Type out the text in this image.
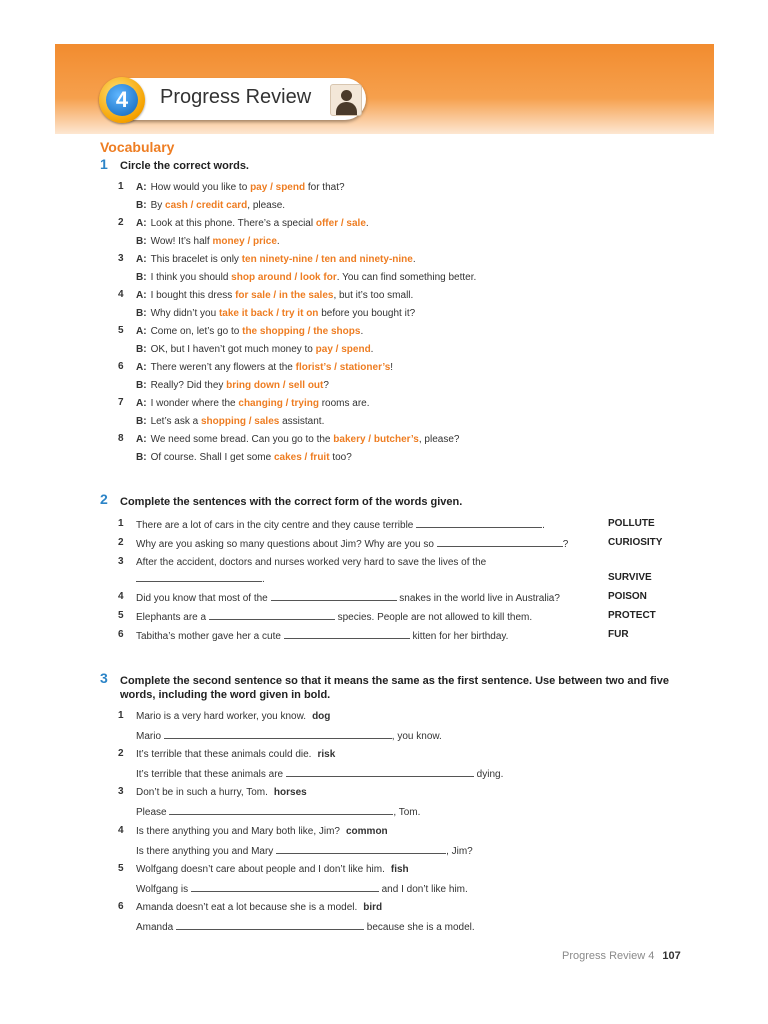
4	Progress Review
Vocabulary
1 Circle the correct words.
1 A: How would you like to pay / spend for that?
B: By cash / credit card, please.
2 A: Look at this phone. There’s a special offer / sale.
B: Wow! It’s half money / price.
3 A: This bracelet is only ten ninety-nine / ten and ninety-nine.
B: I think you should shop around / look for. You can find something better.
4 A: I bought this dress for sale / in the sales, but it’s too small.
B: Why didn’t you take it back / try it on before you bought it?
5 A: Come on, let’s go to the shopping / the shops.
B: OK, but I haven’t got much money to pay / spend.
6 A: There weren’t any flowers at the florist’s / stationer’s!
B: Really? Did they bring down / sell out?
7 A: I wonder where the changing / trying rooms are.
B: Let’s ask a shopping / sales assistant.
8 A: We need some bread. Can you go to the bakery / butcher’s, please?
B: Of course. Shall I get some cakes / fruit too?
2 Complete the sentences with the correct form of the words given.
1 There are a lot of cars in the city centre and they cause terrible	.	POLLUTE
2 Why are you asking so many questions about Jim? Why are you so	?	CURIOSITY
3 After the accident, doctors and nurses worked very hard to save the lives of the
.	SURVIVE
4 Did you know that most of the	snakes in the world live in Australia?	POISON
5 Elephants are a	species. People are not allowed to kill them.	PROTECT
6 Tabitha’s mother gave her a cute	kitten for her birthday.	FUR
3 Complete the second sentence so that it means the same as the first sentence. Use between two and five words, including the word given in bold.
1 Mario is a very hard worker, you know. dog
Mario	, you know.
2 It’s terrible that these animals could die. risk
It’s terrible that these animals are	dying.
3 Don’t be in such a hurry, Tom. horses
Please	, Tom.
4 Is there anything you and Mary both like, Jim? common
Is there anything you and Mary	, Jim?
5 Wolfgang doesn’t care about people and I don’t like him. fish
Wolfgang is	and I don’t like him.
6 Amanda doesn’t eat a lot because she is a model. bird
Amanda	because she is a model.
Progress Review 4 107
